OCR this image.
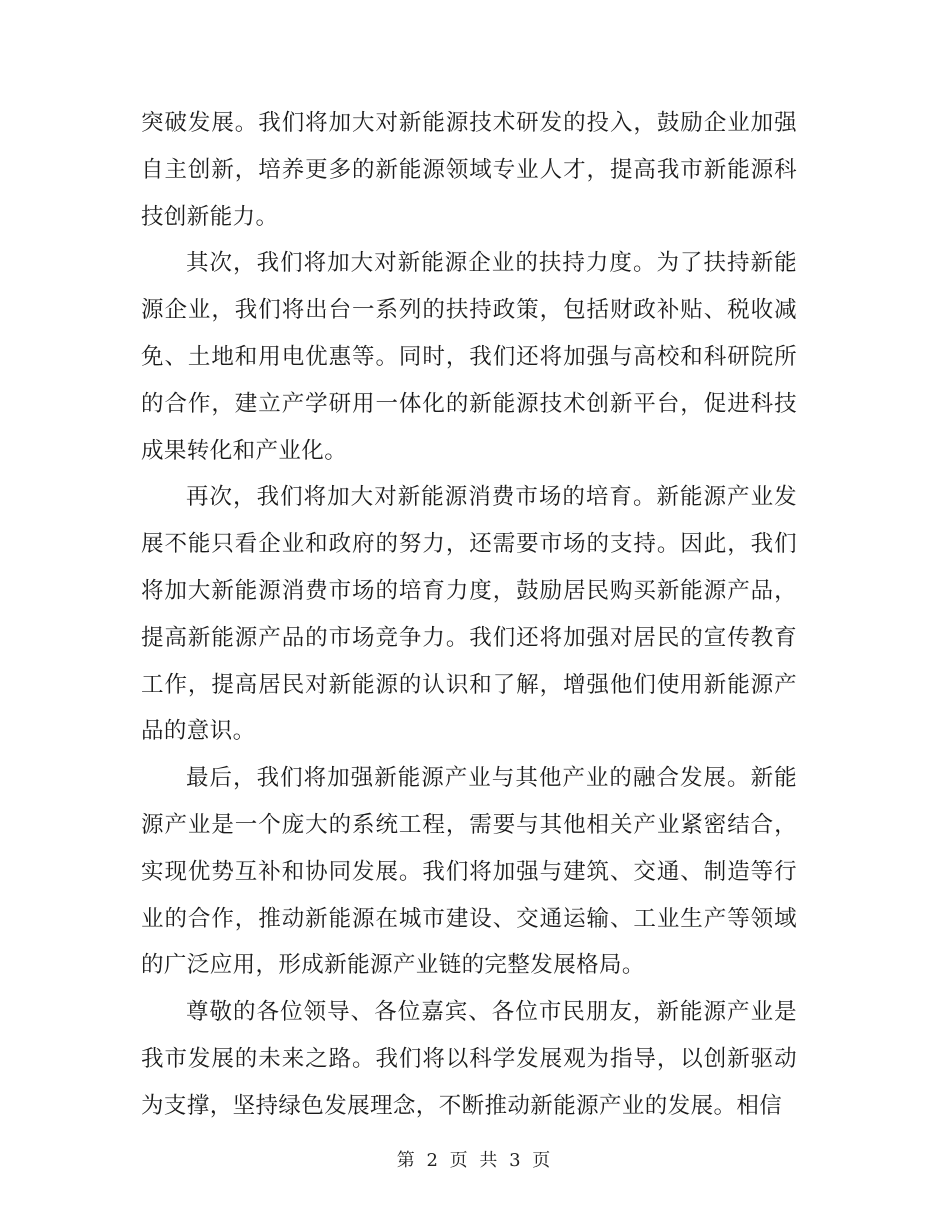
突破发展。我们将加大对新能源技术研发的投入，鼓励企业加强自主创新，培养更多的新能源领域专业人才，提高我市新能源科技创新能力。

其次，我们将加大对新能源企业的扶持力度。为了扶持新能源企业，我们将出台一系列的扶持政策，包括财政补贴、税收减免、土地和用电优惠等。同时，我们还将加强与高校和科研院所的合作，建立产学研用一体化的新能源技术创新平台，促进科技成果转化和产业化。

再次，我们将加大对新能源消费市场的培育。新能源产业发展不能只看企业和政府的努力，还需要市场的支持。因此，我们将加大新能源消费市场的培育力度，鼓励居民购买新能源产品，提高新能源产品的市场竞争力。我们还将加强对居民的宣传教育工作，提高居民对新能源的认识和了解，增强他们使用新能源产品的意识。

最后，我们将加强新能源产业与其他产业的融合发展。新能源产业是一个庞大的系统工程，需要与其他相关产业紧密结合，实现优势互补和协同发展。我们将加强与建筑、交通、制造等行业的合作，推动新能源在城市建设、交通运输、工业生产等领域的广泛应用，形成新能源产业链的完整发展格局。

尊敬的各位领导、各位嘉宾、各位市民朋友，新能源产业是我市发展的未来之路。我们将以科学发展观为指导，以创新驱动为支撑，坚持绿色发展理念，不断推动新能源产业的发展。相信

第 2 页 共 3 页
